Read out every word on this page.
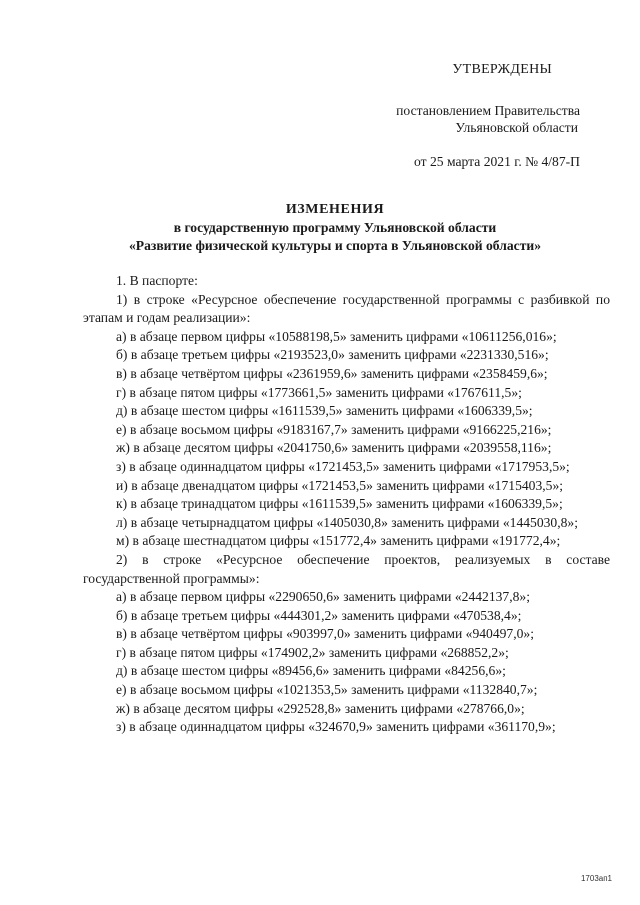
УТВЕРЖДЕНЫ
постановлением Правительства
Ульяновской области
от 25 марта 2021 г. № 4/87-П
ИЗМЕНЕНИЯ
в государственную программу Ульяновской области
«Развитие физической культуры и спорта в Ульяновской области»

1. В паспорте:

1) в строке «Ресурсное обеспечение государственной программы с разбивкой по этапам и годам реализации»:

а) в абзаце первом цифры «10588198,5» заменить цифрами «10611256,016»;

б) в абзаце третьем цифры «2193523,0» заменить цифрами «2231330,516»;

в) в абзаце четвёртом цифры «2361959,6» заменить цифрами «2358459,6»;

г) в абзаце пятом цифры «1773661,5» заменить цифрами «1767611,5»;

д) в абзаце шестом цифры «1611539,5» заменить цифрами «1606339,5»;

е) в абзаце восьмом цифры «9183167,7» заменить цифрами «9166225,216»;

ж) в абзаце десятом цифры «2041750,6» заменить цифрами «2039558,116»;

з) в абзаце одиннадцатом цифры «1721453,5» заменить цифрами «1717953,5»;

и) в абзаце двенадцатом цифры «1721453,5» заменить цифрами «1715403,5»;

к) в абзаце тринадцатом цифры «1611539,5» заменить цифрами «1606339,5»;

л) в абзаце четырнадцатом цифры «1405030,8» заменить цифрами «1445030,8»;

м) в абзаце шестнадцатом цифры «151772,4» заменить цифрами «191772,4»;

2) в строке «Ресурсное обеспечение проектов, реализуемых в составе государственной программы»:

а) в абзаце первом цифры «2290650,6» заменить цифрами «2442137,8»;

б) в абзаце третьем цифры «444301,2» заменить цифрами «470538,4»;

в) в абзаце четвёртом цифры «903997,0» заменить цифрами «940497,0»;

г) в абзаце пятом цифры «174902,2» заменить цифрами «268852,2»;

д) в абзаце шестом цифры «89456,6» заменить цифрами «84256,6»;

е) в абзаце восьмом цифры «1021353,5» заменить цифрами «1132840,7»;

ж) в абзаце десятом цифры «292528,8» заменить цифрами «278766,0»;

з) в абзаце одиннадцатом цифры «324670,9» заменить цифрами «361170,9»;

1703ап1
